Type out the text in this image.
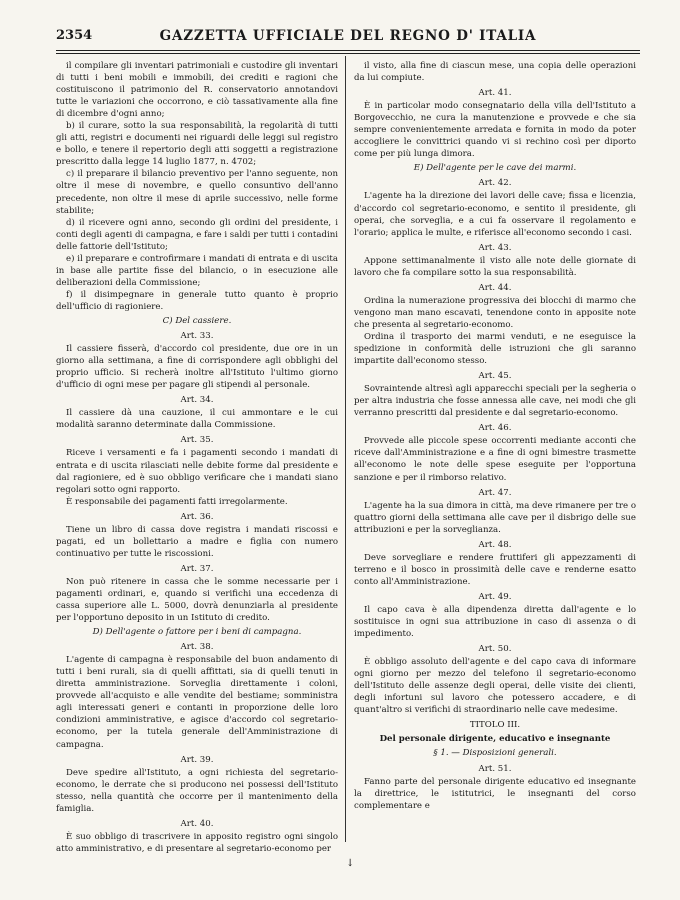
2354	GAZZETTA UFFICIALE DEL REGNO D' ITALIA
il compilare gli inventari patrimoniali e custodire gli inventari di tutti i beni mobili e immobili, dei crediti e ragioni che costituiscono il patrimonio del R. conservatorio annotandovi tutte le variazioni che occorrono, e ciò tassativamente alla fine di dicembre d'ogni anno;
b) il curare, sotto la sua responsabilità, la regolarità di tutti gli atti, registri e documenti nei riguardi delle leggi sul registro e bollo, e tenere il repertorio degli atti soggetti a registrazione prescritto dalla legge 14 luglio 1877, n. 4702;
c) il preparare il bilancio preventivo per l'anno seguente, non oltre il mese di novembre, e quello consuntivo dell'anno precedente, non oltre il mese di aprile successivo, nelle forme stabilite;
d) il ricevere ogni anno, secondo gli ordini del presidente, i conti degli agenti di campagna, e fare i saldi per tutti i contadini delle fattorie dell'Istituto;
e) il preparare e controfirmare i mandati di entrata e di uscita in base alle partite fisse del bilancio, o in esecuzione alle deliberazioni della Commissione;
f) il disimpegnare in generale tutto quanto è proprio dell'ufficio di ragioniere.
C) Del cassiere.
Art. 33.
Il cassiere fisserà, d'accordo col presidente, due ore in un giorno alla settimana, a fine di corrispondere agli obblighi del proprio ufficio. Si recherà inoltre all'Istituto l'ultimo giorno d'ufficio di ogni mese per pagare gli stipendi al personale.
Art. 34.
Il cassiere dà una cauzione, il cui ammontare e le cui modalità saranno determinate dalla Commissione.
Art. 35.
Riceve i versamenti e fa i pagamenti secondo i mandati di entrata e di uscita rilasciati nelle debite forme dal presidente e dal ragioniere, ed è suo obbligo verificare che i mandati siano regolari sotto ogni rapporto.
È responsabile dei pagamenti fatti irregolarmente.
Art. 36.
Tiene un libro di cassa dove registra i mandati riscossi e pagati, ed un bollettario a madre e figlia con numero continuativo per tutte le riscossioni.
Art. 37.
Non può ritenere in cassa che le somme necessarie per i pagamenti ordinari, e, quando si verifichi una eccedenza di cassa superiore alle L. 5000, dovrà denunziarla al presidente per l'opportuno deposito in un Istituto di credito.
D) Dell'agente o fattore per i beni di campagna.
Art. 38.
L'agente di campagna è responsabile del buon andamento di tutti i beni rurali, sia di quelli affittati, sia di quelli tenuti in diretta amministrazione. Sorveglia direttamente i coloni, provvede all'acquisto e alle vendite del bestiame; somministra agli interessati generi e contanti in proporzione delle loro condizioni amministrative, e agisce d'accordo col segretario-economo, per la tutela generale dell'Amministrazione di campagna.
Art. 39.
Deve spedire all'Istituto, a ogni richiesta del segretario-economo, le derrate che si producono nei possessi dell'Istituto stesso, nella quantità che occorre per il mantenimento della famiglia.
Art. 40.
È suo obbligo di trascrivere in apposito registro ogni singolo atto amministrativo, e di presentare al segretario-economo per
il visto, alla fine di ciascun mese, una copia delle operazioni da lui compiute.
Art. 41.
È in particolar modo consegnatario della villa dell'Istituto a Borgovecchio, ne cura la manutenzione e provvede e che sia sempre convenientemente arredata e fornita in modo da poter accogliere le convittrici quando vi si rechino così per diporto come per più lunga dimora.
E) Dell'agente per le cave dei marmi.
Art. 42.
L'agente ha la direzione dei lavori delle cave; fissa e licenzia, d'accordo col segretario-economo, e sentito il presidente, gli operai, che sorveglia, e a cui fa osservare il regolamento e l'orario; applica le multe, e riferisce all'economo secondo i casi.
Art. 43.
Appone settimanalmente il visto alle note delle giornate di lavoro che fa compilare sotto la sua responsabilità.
Art. 44.
Ordina la numerazione progressiva dei blocchi di marmo che vengono man mano escavati, tenendone conto in apposite note che presenta al segretario-economo.
Ordina il trasporto dei marmi venduti, e ne eseguisce la spedizione in conformità delle istruzioni che gli saranno impartite dall'economo stesso.
Art. 45.
Sovraintende altresì agli apparecchi speciali per la segheria o per altra industria che fosse annessa alle cave, nei modi che gli verranno prescritti dal presidente e dal segretario-economo.
Art. 46.
Provvede alle piccole spese occorrenti mediante acconti che riceve dall'Amministrazione e a fine di ogni bimestre trasmette all'economo le note delle spese eseguite per l'opportuna sanzione e per il rimborso relativo.
Art. 47.
L'agente ha la sua dimora in città, ma deve rimanere per tre o quattro giorni della settimana alle cave per il disbrigo delle sue attribuzioni e per la sorveglianza.
Art. 48.
Deve sorvegliare e rendere fruttiferi gli appezzamenti di terreno e il bosco in prossimità delle cave e renderne esatto conto all'Amministrazione.
Art. 49.
Il capo cava è alla dipendenza diretta dall'agente e lo sostituisce in ogni sua attribuzione in caso di assenza o di impedimento.
Art. 50.
È obbligo assoluto dell'agente e del capo cava di informare ogni giorno per mezzo del telefono il segretario-economo dell'Istituto delle assenze degli operai, delle visite dei clienti, degli infortuni sul lavoro che potessero accadere, e di quant'altro si verifichi di straordinario nelle cave medesime.
TITOLO III.
Del personale dirigente, educativo e insegnante
§ 1. — Disposizioni generali.
Art. 51.
Fanno parte del personale dirigente educativo ed insegnante la direttrice, le istitutrici, le insegnanti del corso complementare e
↓
